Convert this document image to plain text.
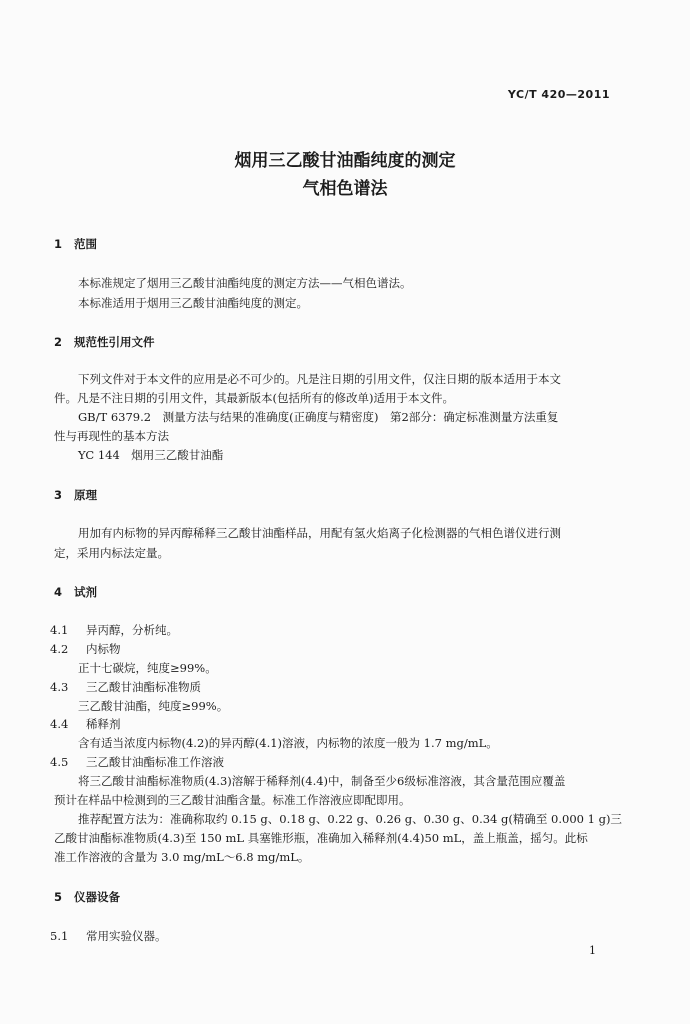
YC/T 420—2011
烟用三乙酸甘油酯纯度的测定
气相色谱法
1 范围
本标准规定了烟用三乙酸甘油酯纯度的测定方法——气相色谱法。
本标准适用于烟用三乙酸甘油酯纯度的测定。
2 规范性引用文件
下列文件对于本文件的应用是必不可少的。凡是注日期的引用文件，仅注日期的版本适用于本文
件。凡是不注日期的引用文件，其最新版本(包括所有的修改单)适用于本文件。
GB/T 6379.2　测量方法与结果的准确度(正确度与精密度)　第2部分：确定标准测量方法重复
性与再现性的基本方法
YC 144　烟用三乙酸甘油酯
3 原理
用加有内标物的异丙醇稀释三乙酸甘油酯样品，用配有氢火焰离子化检测器的气相色谱仪进行测
定，采用内标法定量。
4 试剂
4.1 异丙醇，分析纯。
4.2 内标物
正十七碳烷，纯度≥99%。
4.3 三乙酸甘油酯标准物质
三乙酸甘油酯，纯度≥99%。
4.4 稀释剂
含有适当浓度内标物(4.2)的异丙醇(4.1)溶液，内标物的浓度一般为 1.7 mg/mL。
4.5 三乙酸甘油酯标准工作溶液
将三乙酸甘油酯标准物质(4.3)溶解于稀释剂(4.4)中，制备至少6级标准溶液，其含量范围应覆盖
预计在样品中检测到的三乙酸甘油酯含量。标准工作溶液应即配即用。
推荐配置方法为：准确称取约 0.15 g、0.18 g、0.22 g、0.26 g、0.30 g、0.34 g(精确至 0.000 1 g)三
乙酸甘油酯标准物质(4.3)至 150 mL 具塞锥形瓶，准确加入稀释剂(4.4)50 mL，盖上瓶盖，摇匀。此标
准工作溶液的含量为 3.0 mg/mL～6.8 mg/mL。
5 仪器设备
5.1 常用实验仪器。
1
